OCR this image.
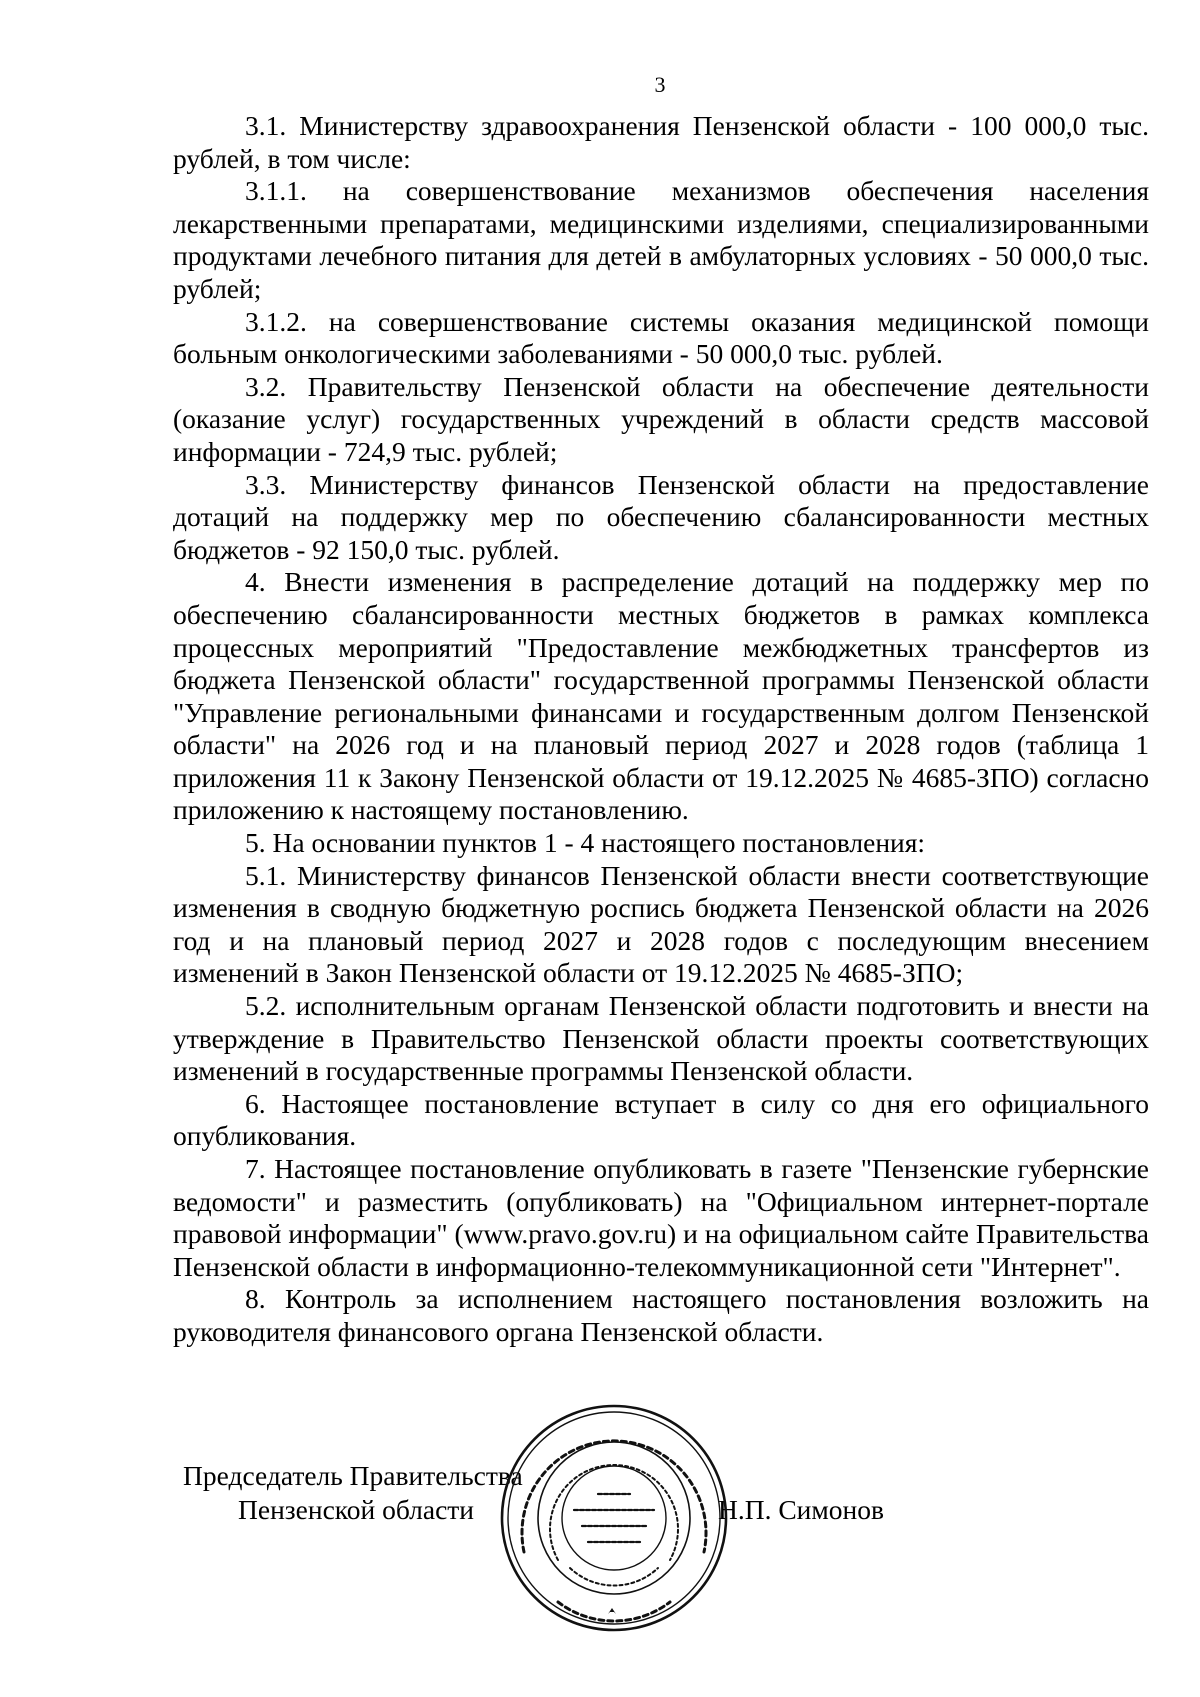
3

3.1. Министерству здравоохранения Пензенской области - 100 000,0 тыс. рублей, в том числе:

3.1.1. на совершенствование механизмов обеспечения населения лекарственными препаратами, медицинскими изделиями, специализированными продуктами лечебного питания для детей в амбулаторных условиях - 50 000,0 тыс. рублей;

3.1.2. на совершенствование системы оказания медицинской помощи больным онкологическими заболеваниями - 50 000,0 тыс. рублей.

3.2. Правительству Пензенской области на обеспечение деятельности (оказание услуг) государственных учреждений в области средств массовой информации - 724,9 тыс. рублей;

3.3. Министерству финансов Пензенской области на предоставление дотаций на поддержку мер по обеспечению сбалансированности местных бюджетов - 92 150,0 тыс. рублей.

4. Внести изменения в распределение дотаций на поддержку мер по обеспечению сбалансированности местных бюджетов в рамках комплекса процессных мероприятий "Предоставление межбюджетных трансфертов из бюджета Пензенской области" государственной программы Пензенской области "Управление региональными финансами и государственным долгом Пензенской области" на 2026 год и на плановый период 2027 и 2028 годов (таблица 1 приложения 11 к Закону Пензенской области от 19.12.2025 № 4685-ЗПО) согласно приложению к настоящему постановлению.

5. На основании пунктов 1 - 4 настоящего постановления:

5.1. Министерству финансов Пензенской области внести соответствующие изменения в сводную бюджетную роспись бюджета Пензенской области на 2026 год и на плановый период 2027 и 2028 годов с последующим внесением изменений в Закон Пензенской области от 19.12.2025 № 4685-ЗПО;

5.2. исполнительным органам Пензенской области подготовить и внести на утверждение в Правительство Пензенской области проекты соответствующих изменений в государственные программы Пензенской области.

6. Настоящее постановление вступает в силу со дня его официального опубликования.

7. Настоящее постановление опубликовать в газете "Пензенские губернские ведомости" и разместить (опубликовать) на "Официальном интернет-портале правовой информации" (www.pravo.gov.ru) и на официальном сайте Правительства Пензенской области в информационно-телекоммуникационной сети "Интернет".

8. Контроль за исполнением настоящего постановления возложить на руководителя финансового органа Пензенской области.

Председатель Правительства
Пензенской области	Н.П. Симонов
